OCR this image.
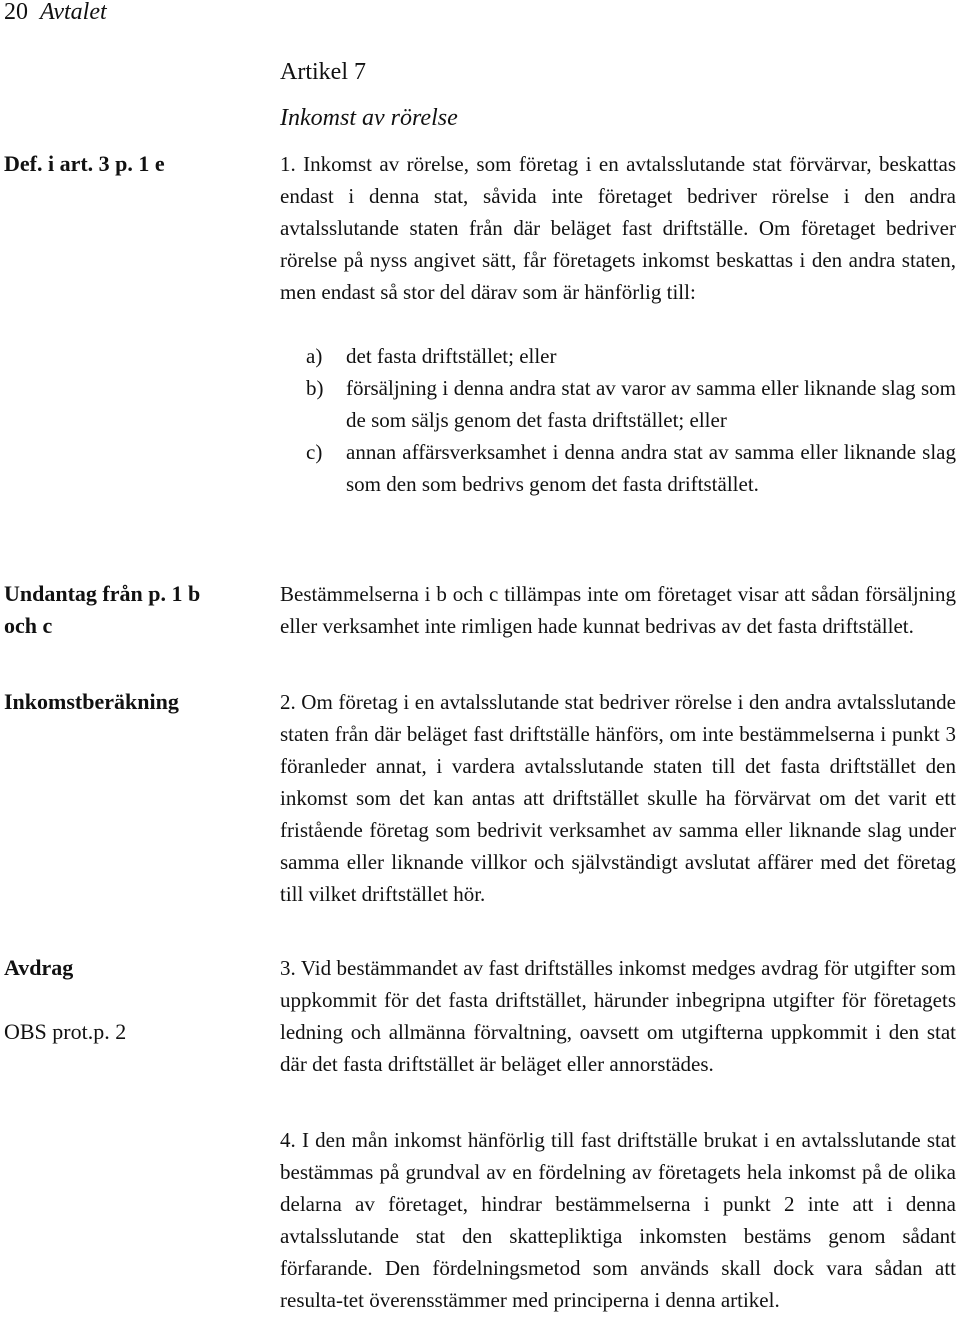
20 Avtalet
Artikel 7
Inkomst av rörelse
Def. i art. 3 p. 1 e
Undantag från p. 1 b och c
Inkomstberäkning
Avdrag
OBS prot.p. 2

1. Inkomst av rörelse, som företag i en avtalsslutande stat förvärvar, beskattas endast i denna stat, såvida inte företaget bedriver rörelse i den andra avtalsslutande staten från där beläget fast driftställe. Om företaget bedriver rörelse på nyss angivet sätt, får företagets inkomst beskattas i den andra staten, men endast så stor del därav som är hänförlig till:

a) det fasta driftstället; eller
b) försäljning i denna andra stat av varor av samma eller liknande slag som de som säljs genom det fasta driftstället; eller
c) annan affärsverksamhet i denna andra stat av samma eller liknande slag som den som bedrivs genom det fasta driftstället.

Bestämmelserna i b och c tillämpas inte om företaget visar att sådan försäljning eller verksamhet inte rimligen hade kunnat bedrivas av det fasta driftstället.

2. Om företag i en avtalsslutande stat bedriver rörelse i den andra avtalsslutande staten från där beläget fast driftställe hänförs, om inte bestämmelserna i punkt 3 föranleder annat, i vardera avtalsslutande staten till det fasta driftstället den inkomst som det kan antas att driftstället skulle ha förvärvat om det varit ett fristående företag som bedrivit verksamhet av samma eller liknande slag under samma eller liknande villkor och självständigt avslutat affärer med det företag till vilket driftstället hör.

3. Vid bestämmandet av fast driftställes inkomst medges avdrag för utgifter som uppkommit för det fasta driftstället, härunder inbegripna utgifter för företagets ledning och allmänna förvaltning, oavsett om utgifterna uppkommit i den stat där det fasta driftstället är beläget eller annorstädes.

4. I den mån inkomst hänförlig till fast driftställe brukat i en avtalsslutande stat bestämmas på grundval av en fördelning av företagets hela inkomst på de olika delarna av företaget, hindrar bestämmelserna i punkt 2 inte att i denna avtalsslutande stat den skattepliktiga inkomsten bestäms genom sådant förfarande. Den fördelningsmetod som används skall dock vara sådan att resulta-tet överensstämmer med principerna i denna artikel.
